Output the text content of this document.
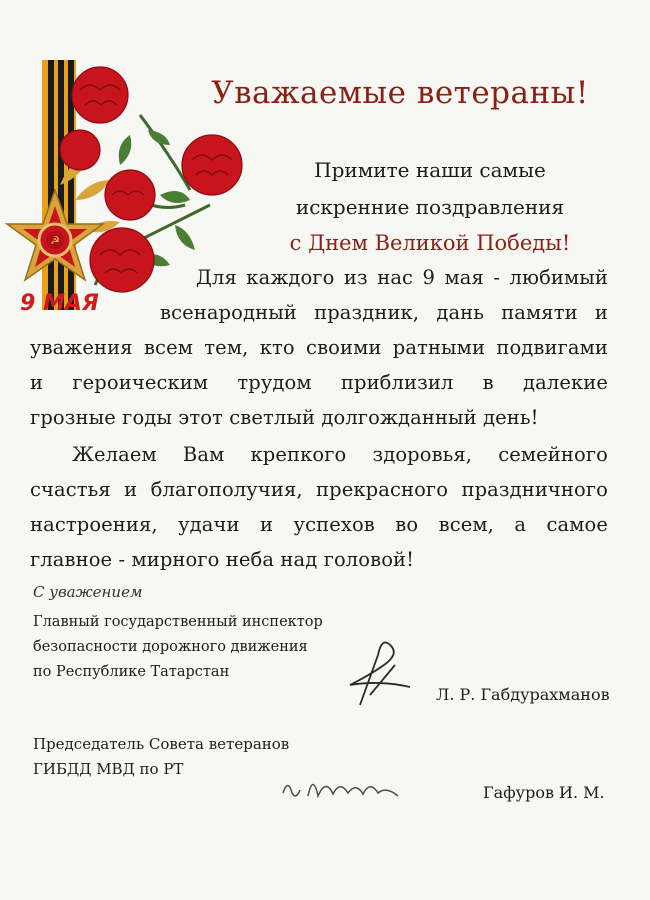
☭
9 МАЯ
Уважаемые ветераны!
Примите наши самые
искренние поздравления
с Днем Великой Победы!
Для каждого из нас 9 мая - любимый
всенародный праздник, дань памяти и
уважения всем тем, кто своими ратными подвигами
и героическим трудом приблизил в далекие
грозные годы этот светлый долгожданный день!
Желаем Вам крепкого здоровья, семейного
счастья и благополучия, прекрасного праздничного
настроения, удачи и успехов во всем, а самое
главное - мирного неба над головой!
С уважением
Главный государственный инспектор
безопасности дорожного движения
по Республике Татарстан
Л. Р. Габдурахманов
Председатель Совета ветеранов
ГИБДД МВД по РТ
Гафуров И. М.
